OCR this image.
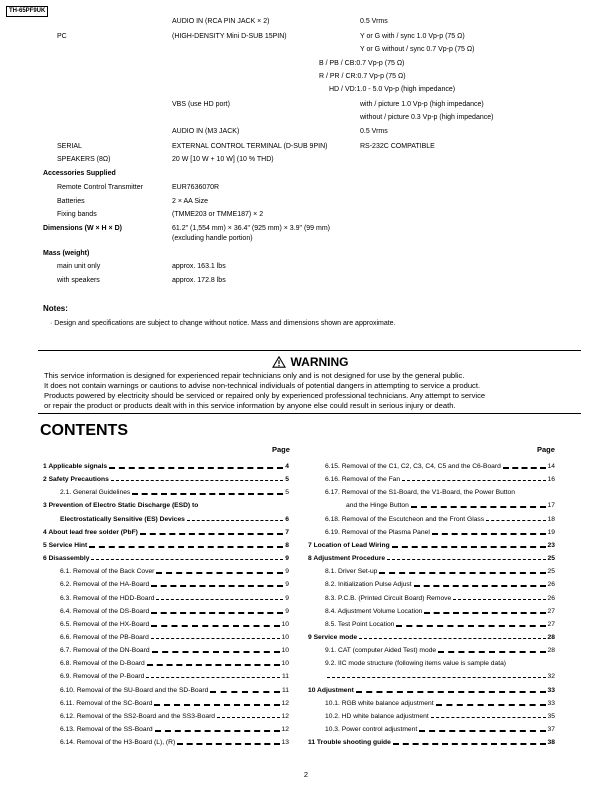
TH-65PF9UK
AUDIO IN (RCA PIN JACK × 2)	0.5 Vrms
PC	(HIGH-DENSITY Mini D-SUB 15PIN)	Y or G with / sync 1.0 Vp-p (75 Ω)
Y or G without / sync 0.7 Vp-p (75 Ω)
B / PB / CB:0.7 Vp-p (75 Ω)
R / PR / CR:0.7 Vp-p (75 Ω)
HD / VD:1.0 - 5.0 Vp-p (high impedance)
VBS (use HD port)	with / picture 1.0 Vp-p (high impedance)
without / picture 0.3 Vp-p (high impedance)
AUDIO IN (M3 JACK)	0.5 Vrms
SERIAL	EXTERNAL CONTROL TERMINAL (D-SUB 9PIN)	RS-232C COMPATIBLE
SPEAKERS (8Ω)	20 W [10 W + 10 W] (10 % THD)
Accessories Supplied
Remote Control Transmitter	EUR7636070R
Batteries	2 × AA Size
Fixing bands	(TMME203 or TMME187) × 2
Dimensions (W × H × D)	61.2" (1,554 mm) × 36.4" (925 mm) × 3.9" (99 mm)
(excluding handle portion)
Mass (weight)
main unit only	approx. 163.1 lbs
with speakers	approx. 172.8 lbs
Notes:
· Design and specifications are subject to change without notice. Mass and dimensions shown are approximate.
WARNING
This service information is designed for experienced repair technicians only and is not designed for use by the general public.
It does not contain warnings or cautions to advise non-technical individuals of potential dangers in attempting to service a product.
Products powered by electricity should be serviced or repaired only by experienced professional technicians. Any attempt to service
or repair the product or products dealt with in this service information by anyone else could result in serious injury or death.
CONTENTS
Page	Page
1 Applicable signals	4
2 Safety Precautions	5
2.1. General Guidelines	5
3 Prevention of Electro Static Discharge (ESD) to
Electrostatically Sensitive (ES) Devices	6
4 About lead free solder (PbF)	7
5 Service Hint	8
6 Disassembly	9
6.1. Removal of the Back Cover	9
6.2. Removal of the HA-Board	9
6.3. Removal of the HDD-Board	9
6.4. Removal of the DS-Board	9
6.5. Removal of the HX-Board	10
6.6. Removal of the PB-Board	10
6.7. Removal of the DN-Board	10
6.8. Removal of the D-Board	10
6.9. Removal of the P-Board	11
6.10. Removal of the SU-Board and the SD-Board	11
6.11. Removal of the SC-Board	12
6.12. Removal of the SS2-Board and the SS3-Board	12
6.13. Removal of the SS-Board	12
6.14. Removal of the H3-Board (L), (R)	13
6.15. Removal of the C1, C2, C3, C4, C5 and the C6-Board	14
6.16. Removal of the Fan	16
6.17. Removal of the S1-Board, the V1-Board, the Power Button
and the Hinge Button	17
6.18. Removal of the Escutcheon and the Front Glass	18
6.19. Removal of the Plasma Panel	19
7 Location of Lead Wiring	23
8 Adjustment Procedure	25
8.1. Driver Set-up	25
8.2. Initialization Pulse Adjust	26
8.3. P.C.B. (Printed Circuit Board) Remove	26
8.4. Adjustment Volume Location	27
8.5. Test Point Location	27
9 Service mode	28
9.1. CAT (computer Aided Test) mode	28
9.2. IIC mode structure (following items value is sample data)
32
10 Adjustment	33
10.1. RGB white balance adjustment	33
10.2. HD white balance adjustment	35
10.3. Power control adjustment	37
11 Trouble shooting guide	38
2
